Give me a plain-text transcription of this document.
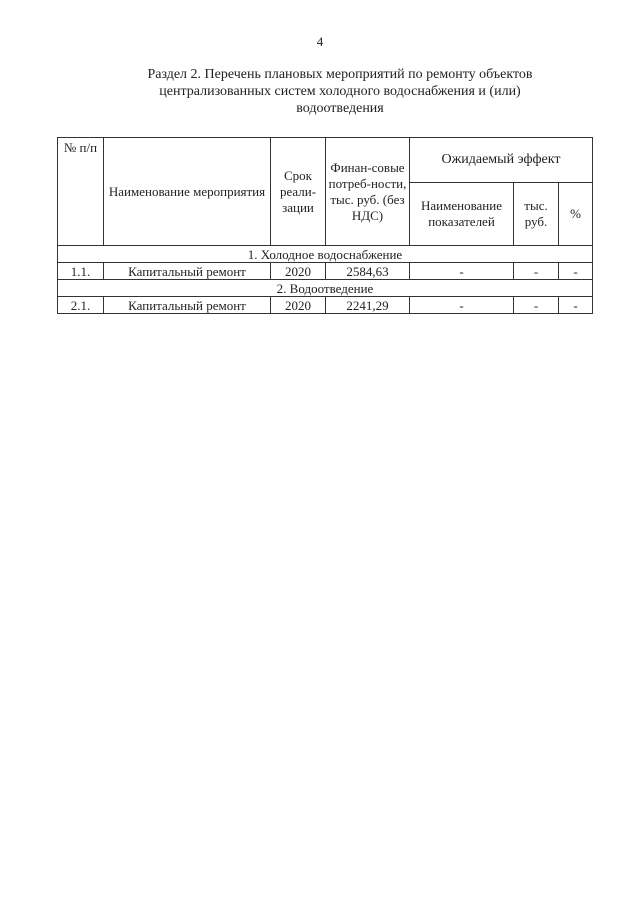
4
Раздел 2. Перечень плановых мероприятий по ремонту объектов
централизованных систем холодного водоснабжения и (или)
водоотведения
№ п/п	Наименование мероприятия	Срок реали-зации	Финан-совые потреб-ности, тыс. руб. (без НДС)	Ожидаемый эффект		
				Наименование показателей	тыс. руб.	%
1. Холодное водоснабжение						
1.1.	Капитальный ремонт	2020	2584,63	-	-	-
2. Водоотведение						
2.1.	Капитальный ремонт	2020	2241,29	-	-	-
